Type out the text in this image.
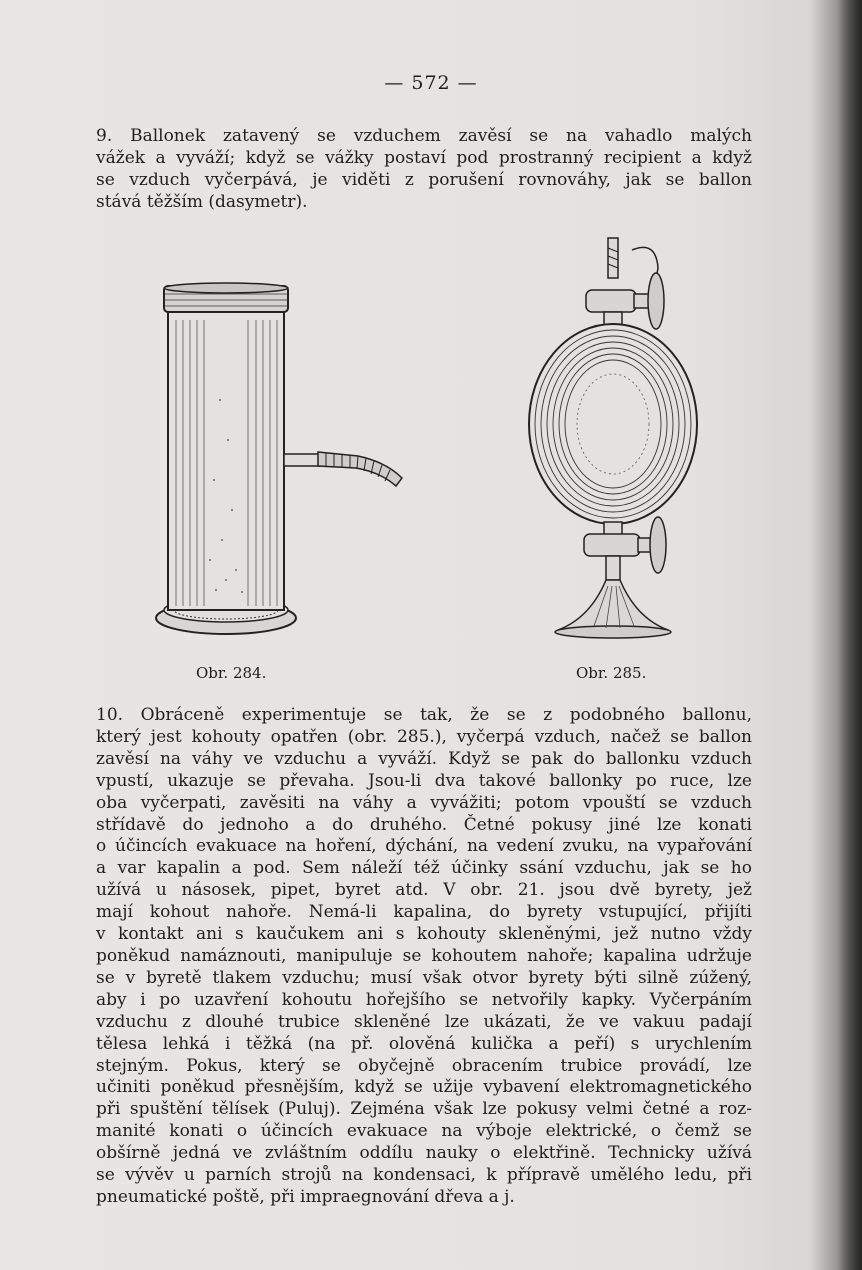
— 572 —
9. Ballonek zatavený se vzduchem zavěsí se na vahadlo malých
vážek a vyváží; když se vážky postaví pod prostranný recipient a když
se vzduch vyčerpává, je viděti z porušení rovnováhy, jak se ballon
stává těžším (dasymetr).
Obr. 284.	Obr. 285.
10. Obráceně experimentuje se tak, že se z podobného ballonu,
který jest kohouty opatřen (obr. 285.), vyčerpá vzduch, načež se ballon
zavěsí na váhy ve vzduchu a vyváží. Když se pak do ballonku vzduch
vpustí, ukazuje se převaha. Jsou-li dva takové ballonky po ruce, lze
oba vyčerpati, zavěsiti na váhy a vyvážiti; potom vpouští se vzduch
střídavě do jednoho a do druhého. Četné pokusy jiné lze konati
o účincích evakuace na hoření, dýchání, na vedení zvuku, na vypařování
a var kapalin a pod. Sem náleží též účinky ssání vzduchu, jak se ho
užívá u násosek, pipet, byret atd. V obr. 21. jsou dvě byrety, jež
mají kohout nahoře. Nemá-li kapalina, do byrety vstupující, přijíti
v kontakt ani s kaučukem ani s kohouty skleněnými, jež nutno vždy
poněkud namáznouti, manipuluje se kohoutem nahoře; kapalina udržuje
se v byretě tlakem vzduchu; musí však otvor byrety býti silně zúžený,
aby i po uzavření kohoutu hořejšího se netvořily kapky. Vyčerpáním
vzduchu z dlouhé trubice skleněné lze ukázati, že ve vakuu padají
tělesa lehká i těžká (na př. olověná kulička a peří) s urychlením
stejným. Pokus, který se obyčejně obracením trubice provádí, lze
učiniti poněkud přesnějším, když se užije vybavení elektromagnetického
při spuštění tělísek (Puluj). Zejména však lze pokusy velmi četné a roz-
manité konati o účincích evakuace na výboje elektrické, o čemž se
obšírně jedná ve zvláštním oddílu nauky o elektřině. Technicky užívá
se vývěv u parních strojů na kondensaci, k přípravě umělého ledu, při
pneumatické poště, při impraegnování dřeva a j.
